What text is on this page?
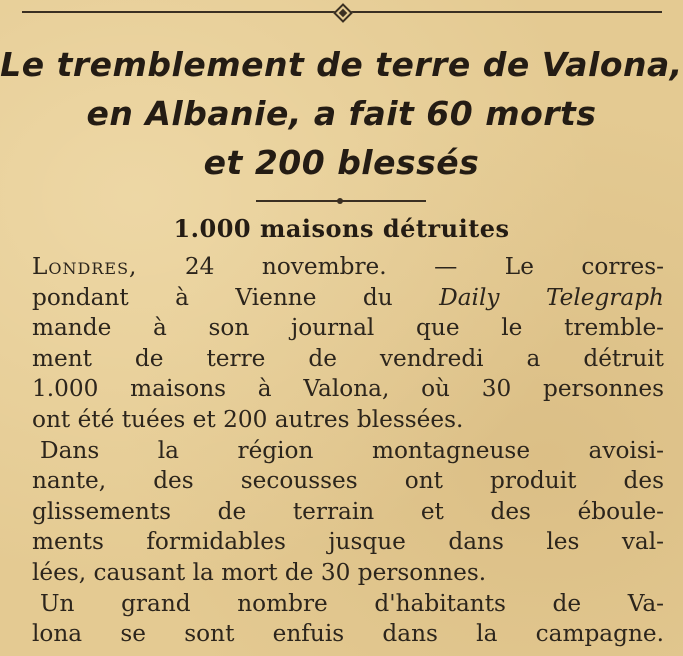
Le tremblement de terre de Valona,
en Albanie, a fait 60 morts
et 200 blessés
1.000 maisons détruites
Londres, 24 novembre. — Le corres-
pondant à Vienne du Daily Telegraph
mande à son journal que le tremble-
ment de terre de vendredi a détruit
1.000 maisons à Valona, où 30 personnes
ont été tuées et 200 autres blessées.
Dans la région montagneuse avoisi-
nante, des secousses ont produit des
glissements de terrain et des éboule-
ments formidables jusque dans les val-
lées, causant la mort de 30 personnes.
Un grand nombre d'habitants de Va-
lona se sont enfuis dans la campagne.
